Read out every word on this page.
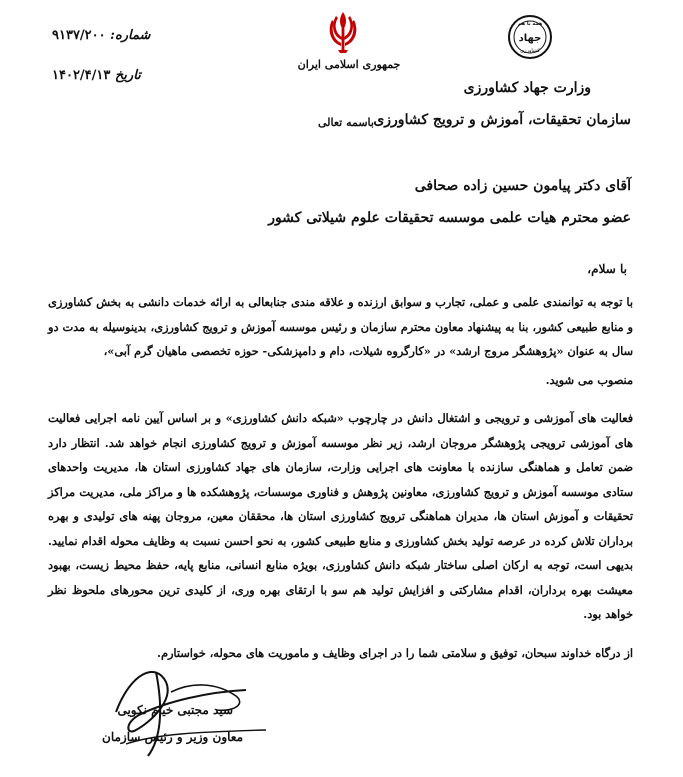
همه با هم
جهاد
کشاورزی
وزارت جهاد کشاورزی
سازمان تحقیقات، آموزش و ترویج کشاورزی
جمهوری اسلامی ایران
باسمه تعالی
شماره: ۹۱۳۷/۲۰۰
تاریخ ۱۴۰۲/۴/۱۳
آقای دکتر پیامون حسین زاده صحافی
عضو محترم هیات علمی موسسه تحقیقات علوم شیلاتی کشور
با سلام،

با توجه به توانمندی علمی و عملی، تجارب و سوابق ارزنده و علاقه مندی جنابعالی به ارائه خدمات دانشی به بخش کشاورزی و منابع طبیعی کشور، بنا به پیشنهاد معاون محترم سازمان و رئیس موسسه آموزش و ترویج کشاورزی، بدینوسیله به مدت دو سال به عنوان «پژوهشگر مروج ارشد» در «کارگروه شیلات، دام و دامپزشکی- حوزه تخصصی ماهیان گرم آبی»،

منصوب می شوید.

فعالیت های آموزشی و ترویجی و اشتغال دانش در چارچوب «شبکه دانش کشاورزی» و بر اساس آیین نامه اجرایی فعالیت های آموزشی ترویجی پژوهشگر مروجان ارشد، زیر نظر موسسه آموزش و ترویج کشاورزی انجام خواهد شد. انتظار دارد ضمن تعامل و هماهنگی سازنده با معاونت های اجرایی وزارت، سازمان های جهاد کشاورزی استان ها، مدیریت واحدهای ستادی موسسه آموزش و ترویج کشاورزی، معاونین پژوهش و فناوری موسسات، پژوهشکده ها و مراکز ملی، مدیریت مراکز تحقیقات و آموزش استان ها، مدیران هماهنگی ترویج کشاورزی استان ها، محققان معین، مروجان پهنه های تولیدی و بهره برداران تلاش کرده در عرصه تولید بخش کشاورزی و منابع طبیعی کشور، به نحو احسن نسبت به وظایف محوله اقدام نمایید. بدیهی است، توجه به ارکان اصلی ساختار شبکه دانش کشاورزی، بویژه منابع انسانی، منابع پایه، حفظ محیط زیست، بهبود معیشت بهره برداران، اقدام مشارکتی و افزایش تولید هم سو با ارتقای بهره وری، از کلیدی ترین محورهای ملحوظ نظر خواهد بود.

از درگاه خداوند سبحان، توفیق و سلامتی شما را در اجرای وظایف و ماموریت های محوله، خواستارم.

سید مجتبی خیام نکویی
معاون وزیر و رئیس سازمان
